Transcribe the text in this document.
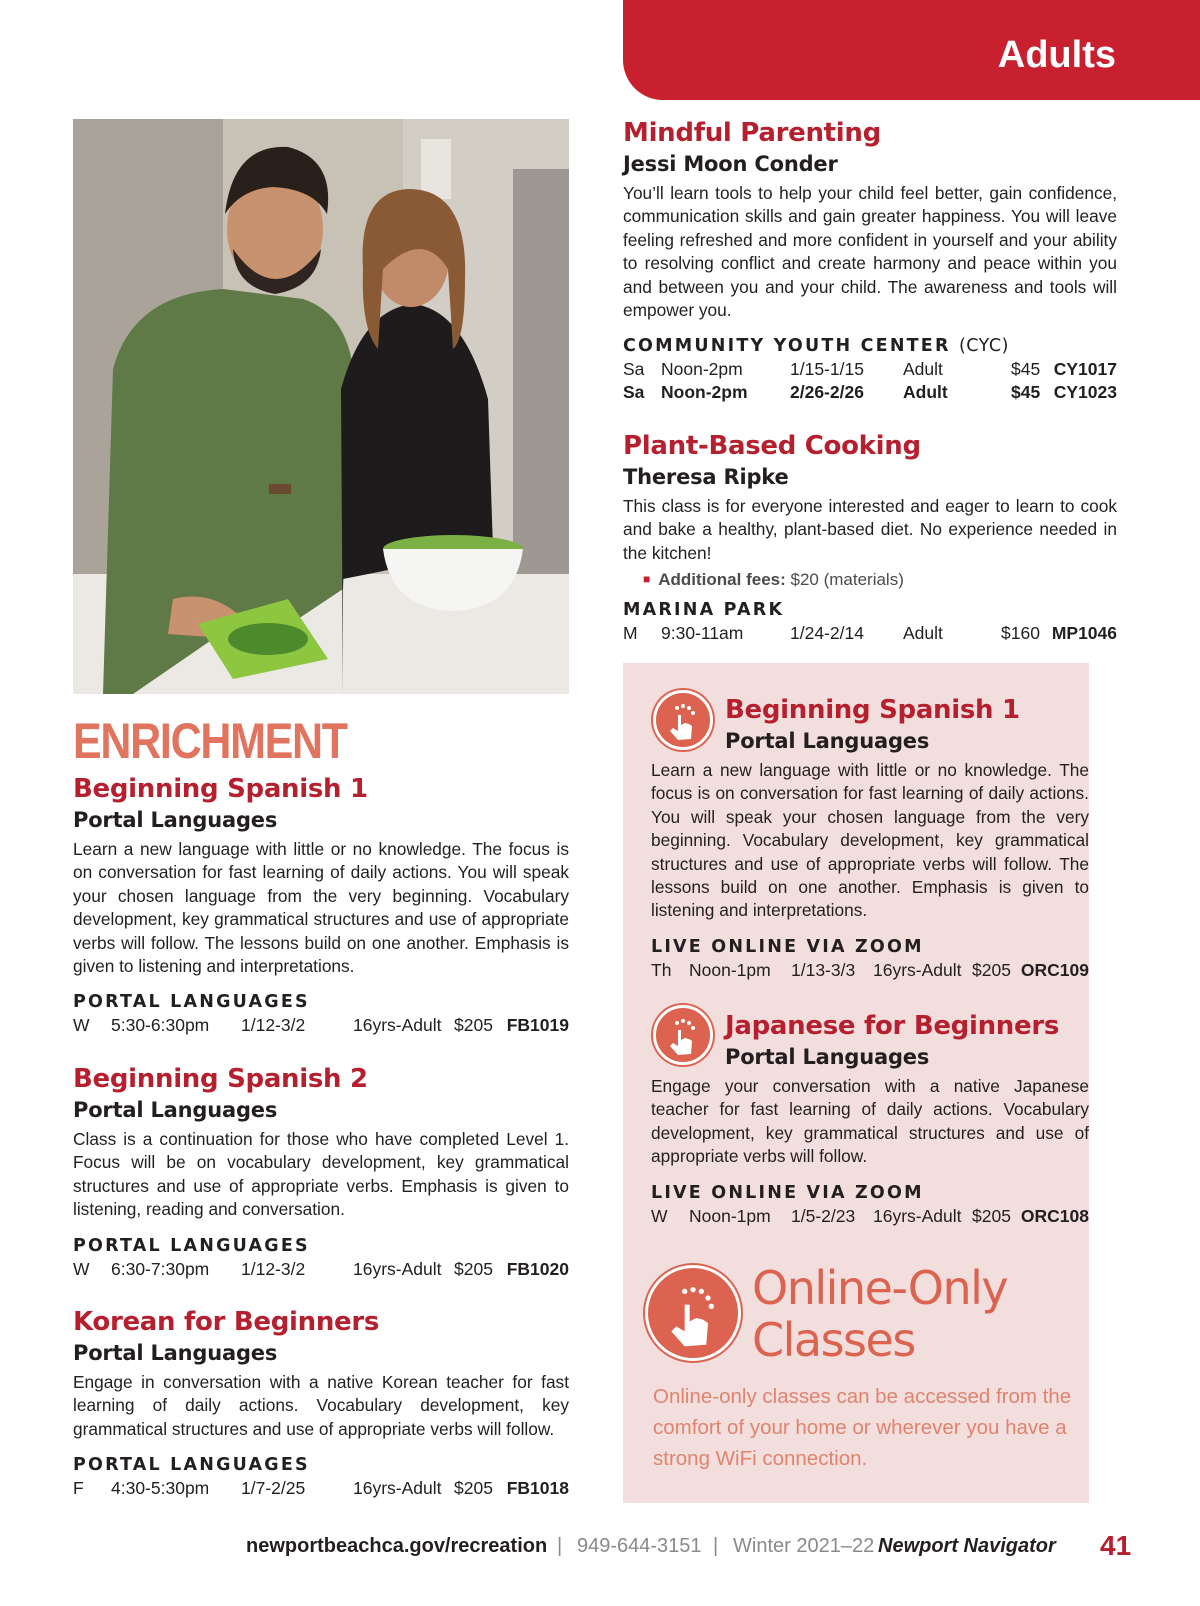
Adults
ENRICHMENT
Beginning Spanish 1
Portal Languages
Learn a new language with little or no knowledge. The focus is on conversation for fast learning of daily actions. You will speak your chosen language from the very beginning. Vocabulary development, key grammatical structures and use of appropriate verbs will follow. The lessons build on one another. Emphasis is given to listening and interpretations.
PORTAL LANGUAGES
W 5:30-6:30pm 1/12-3/2	16yrs-Adult $205 FB1019
Beginning Spanish 2
Portal Languages
Class is a continuation for those who have completed Level 1. Focus will be on vocabulary development, key grammatical structures and use of appropriate verbs. Emphasis is given to listening, reading and conversation.
PORTAL LANGUAGES
W 6:30-7:30pm 1/12-3/2	16yrs-Adult $205 FB1020
Korean for Beginners
Portal Languages
Engage in conversation with a native Korean teacher for fast learning of daily actions. Vocabulary development, key grammatical structures and use of appropriate verbs will follow.
PORTAL LANGUAGES
F 4:30-5:30pm 1/7-2/25	16yrs-Adult $205 FB1018
Mindful Parenting
Jessi Moon Conder
You’ll learn tools to help your child feel better, gain confidence, communication skills and gain greater happiness. You will leave feeling refreshed and more confident in yourself and your ability to resolving conflict and create harmony and peace within you and between you and your child. The awareness and tools will empower you.
COMMUNITY YOUTH CENTER (CYC)
Sa Noon-2pm	1/15-1/15 Adult	$45 CY1017
Sa Noon-2pm 2/26-2/26 Adult	$45 CY1023
Plant-Based Cooking
Theresa Ripke
This class is for everyone interested and eager to learn to cook and bake a healthy, plant-based diet. No experience needed in the kitchen!
■ Additional fees: $20 (materials)
MARINA PARK
M 9:30-11am	1/24-2/14 Adult	$160 MP1046
Beginning Spanish 1
Portal Languages
Learn a new language with little or no knowledge. The focus is on conversation for fast learning of daily actions. You will speak your chosen language from the very beginning. Vocabulary development, key grammatical structures and use of appropriate verbs will follow. The lessons build on one another. Emphasis is given to listening and interpretations.
LIVE ONLINE VIA ZOOM
Th Noon-1pm 1/13-3/3 16yrs-Adult $205 ORC109
Japanese for Beginners
Portal Languages
Engage your conversation with a native Japanese teacher for fast learning of daily actions. Vocabulary development, key grammatical structures and use of appropriate verbs will follow.
LIVE ONLINE VIA ZOOM
W Noon-1pm 1/5-2/23 16yrs-Adult $205 ORC108
Online-Only
Classes
Online-only classes can be accessed from the comfort of your home or wherever you have a strong WiFi connection.
newportbeachca.gov/recreation | 949-644-3151 | Winter 2021–22 Newport Navigator 41
